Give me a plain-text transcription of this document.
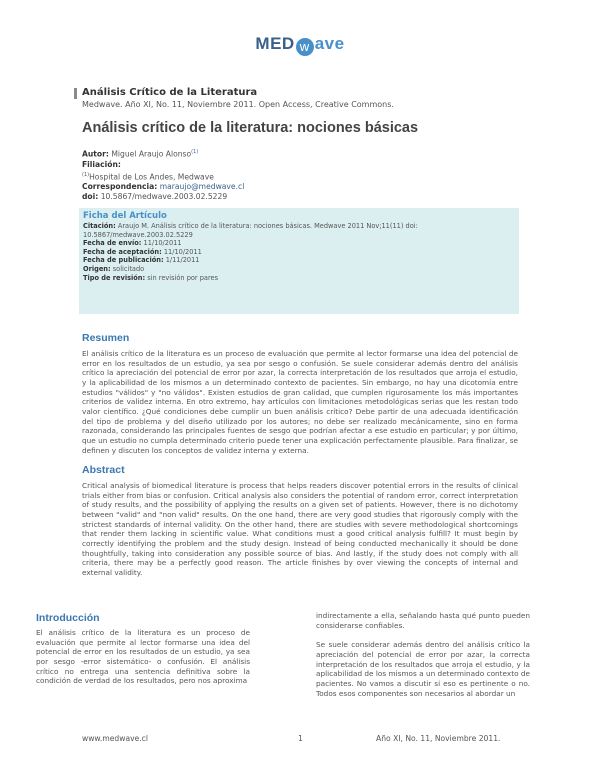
MED w ave
Análisis Crítico de la Literatura
Medwave. Año XI, No. 11, Noviembre 2011. Open Access, Creative Commons.
Análisis crítico de la literatura: nociones básicas
Autor: Miguel Araujo Alonso$^{(1)}$
Filiación:
$^{(1)}$Hospital de Los Andes, Medwave
Correspondencia: maraujo@medwave.cl
doi: 10.5867/medwave.2003.02.5229
Ficha del Artículo
Citación: Araujo M. Análisis crítico de la literatura: nociones básicas. Medwave 2011 Nov;11(11) doi: 10.5867/medwave.2003.02.5229
Fecha de envío: 11/10/2011
Fecha de aceptación: 11/10/2011
Fecha de publicación: 1/11/2011
Origen: solicitado
Tipo de revisión: sin revisión por pares
Resumen
El análisis crítico de la literatura es un proceso de evaluación que permite al lector formarse una idea del potencial de error en los resultados de un estudio, ya sea por sesgo o confusión. Se suele considerar además dentro del análisis crítico la apreciación del potencial de error por azar, la correcta interpretación de los resultados que arroja el estudio, y la aplicabilidad de los mismos a un determinado contexto de pacientes. Sin embargo, no hay una dicotomía entre estudios "válidos" y "no válidos". Existen estudios de gran calidad, que cumplen rigurosamente los más importantes criterios de validez interna. En otro extremo, hay artículos con limitaciones metodológicas serias que les restan todo valor científico. ¿Qué condiciones debe cumplir un buen análisis crítico? Debe partir de una adecuada identificación del tipo de problema y del diseño utilizado por los autores; no debe ser realizado mecánicamente, sino en forma razonada, considerando las principales fuentes de sesgo que podrían afectar a ese estudio en particular; y por último, que un estudio no cumpla determinado criterio puede tener una explicación perfectamente plausible. Para finalizar, se definen y discuten los conceptos de validez interna y externa.
Abstract
Critical analysis of biomedical literature is process that helps readers discover potential errors in the results of clinical trials either from bias or confusion. Critical analysis also considers the potential of random error, correct interpretation of study results, and the possibility of applying the results on a given set of patients. However, there is no dichotomy between "valid" and "non valid" results. On the one hand, there are very good studies that rigorously comply with the strictest standards of internal validity. On the other hand, there are studies with severe methodological shortcomings that render them lacking in scientific value. What conditions must a good critical analysis fulfill? It must begin by correctly identifying the problem and the study design. Instead of being conducted mechanically it should be done thoughtfully, taking into consideration any possible source of bias. And lastly, if the study does not comply with all criteria, there may be a perfectly good reason. The article finishes by over viewing the concepts of internal and external validity.
Introducción

El análisis crítico de la literatura es un proceso de evaluación que permite al lector formarse una idea del potencial de error en los resultados de un estudio, ya sea por sesgo -error sistemático- o confusión. El análisis crítico no entrega una sentencia definitiva sobre la condición de verdad de los resultados, pero nos aproxima

indirectamente a ella, señalando hasta qué punto pueden considerarse confiables.

Se suele considerar además dentro del análisis crítico la apreciación del potencial de error por azar, la correcta interpretación de los resultados que arroja el estudio, y la aplicabilidad de los mismos a un determinado contexto de pacientes. No vamos a discutir si eso es pertinente o no. Todos esos componentes son necesarios al abordar un

www.medwave.cl	1	Año XI, No. 11, Noviembre 2011.
